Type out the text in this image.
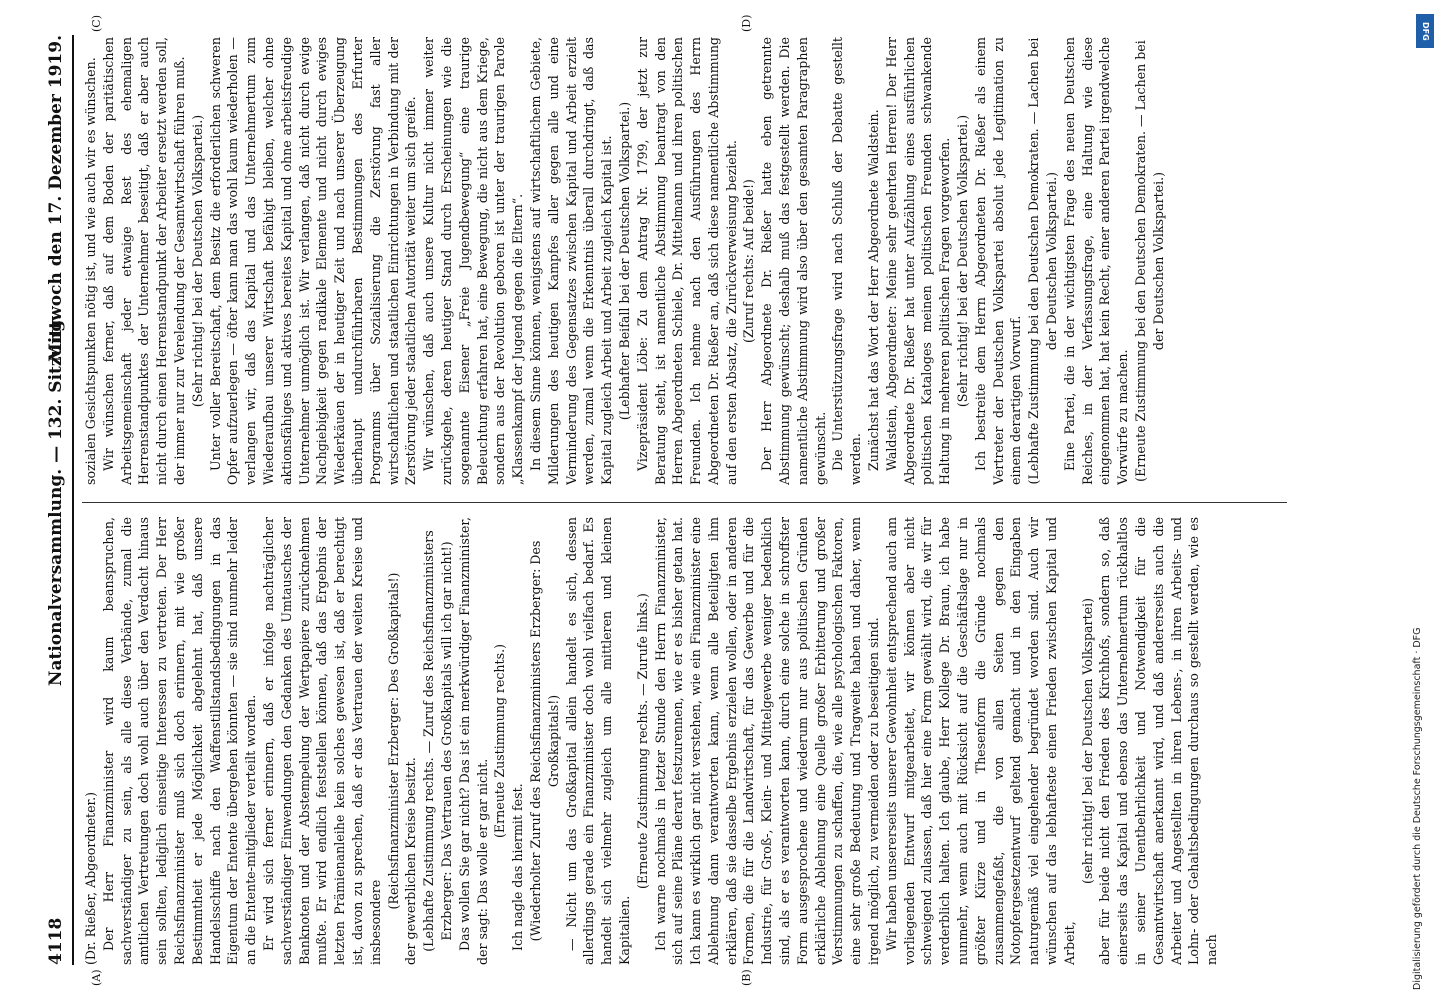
4118
Nationalversammlung. — 132. Sitzung.
Mittwoch den 17. Dezember 1919.
(A)	(B)
(C)	(D)

(Dr. Rießer, Abgeordneter.) Der Herr Finanzminister wird kaum beanspruchen, sachverständiger zu sein, als alle diese Verbände, zumal die amtlichen Vertretungen doch wohl auch über den Verdacht hinaus sein sollten, lediglich einseitige Interessen zu vertreten. Der Herr Reichsfinanzminister muß sich doch erinnern, mit wie großer Bestimmtheit er jede Möglichkeit abgelehnt hat, daß unsere Handelsschiffe nach den Waffenstillstandsbedingungen in das Eigentum der Entente übergehen könnten — sie sind nunmehr leider an die Entente-mitglieder verteilt worden. Er wird sich ferner erinnern, daß er infolge nachträglicher sachverständiger Einwendungen den Gedanken des Umtausches der Banknoten und der Abstempelung der Wertpapiere zurücknehmen mußte. Er wird endlich feststellen können, daß das Ergebnis der letzten Prämienanleihe kein solches gewesen ist, daß er berechtigt ist, davon zu sprechen, daß er das Vertrauen der weiten Kreise und insbesondere

(Reichsfinanzminister Erzberger: Des Großkapitals!) der gewerblichen Kreise besitzt. (Lebhafte Zustimmung rechts. — Zuruf des Reichsfinanzministers Erzberger: Das Vertrauen des Großkapitals will ich gar nicht!) Das wollen Sie gar nicht? Das ist ein merkwürdiger Finanzminister, der sagt: Das wolle er gar nicht.

(Erneute Zustimmung rechts.)

Ich nagle das hiermit fest. (Wiederholter Zuruf des Reichsfinanzministers Erzberger: Des Großkapitals!) — Nicht um das Großkapital allein handelt es sich, dessen allerdings gerade ein Finanzminister doch wohl vielfach bedarf. Es handelt sich vielmehr zugleich um alle mittleren und kleinen Kapitalien.

(Erneute Zustimmung rechts. — Zurufe links.) Ich warne nochmals in letzter Stunde den Herrn Finanzminister, sich auf seine Pläne derart festzurennen, wie er es bisher getan hat. Ich kann es wirklich gar nicht verstehen, wie ein Finanzminister eine Ablehnung dann verantworten kann, wenn alle Beteiligten ihm erklären, daß sie dasselbe Ergebnis erzielen wollen, oder in anderen Formen, die für die Landwirtschaft, für das Gewerbe und für die Industrie, für Groß-, Klein- und Mittelgewerbe weniger bedenklich sind, als er es verantworten kann, durch eine solche in schroffster Form ausgesprochene und wiederum nur aus politischen Gründen erklärliche Ablehnung eine Quelle großer Erbitterung und großer Verstimmungen zu schaffen, die, wie alle psychologischen Faktoren, eine sehr große Bedeutung und Tragweite haben und daher, wenn irgend möglich, zu vermeiden oder zu beseitigen sind. Wir haben unsererseits unserer Gewohnheit entsprechend auch am vorliegenden Entwurf mitgearbeitet, wir können aber nicht schweigend zulassen, daß hier eine Form gewählt wird, die wir für verderblich halten. Ich glaube, Herr Kollege Dr. Braun, ich habe nunmehr, wenn auch mit Rücksicht auf die Geschäftslage nur in größter Kürze und in Thesenform die Gründe nochmals zusammengefaßt, die von allen Seiten gegen den Notopfergesetzentwurf geltend gemacht und in den Eingaben naturgemäß viel eingehender begründet worden sind. Auch wir wünschen auf das lebhafteste einen Frieden zwischen Kapital und Arbeit,

(sehr richtig! bei der Deutschen Volkspartei) aber für beide nicht den Frieden des Kirchhofs, sondern so, daß einerseits das Kapital und ebenso das Unternehmertum rückhaltlos in seiner Unentbehrlichkeit und Notwendigkeit für die Gesamtwirtschaft anerkannt wird, und daß andererseits auch die Arbeiter und Angestellten in ihren Lebens-, in ihren Arbeits- und Lohn- oder Gehaltsbedingungen durchaus so gestellt werden, wie es nach

sozialen Gesichtspunkten nötig ist, und wie auch wir es wünschen. Wir wünschen ferner, daß auf dem Boden der paritätischen Arbeitsgemeinschaft jeder etwaige Rest des ehemaligen Herrenstandpunktes der Unternehmer beseitigt, daß er aber auch nicht durch einen Herrenstandpunkt der Arbeiter ersetzt werden soll, der immer nur zur Verelendung der Gesamtwirtschaft führen muß. (Sehr richtig! bei der Deutschen Volkspartei.) Unter voller Bereitschaft, dem Besitz die erforderlichen schweren Opfer aufzuerlegen — öfter kann man das wohl kaum wiederholen — verlangen wir, daß das Kapital und das Unternehmertum zum Wiederaufbau unserer Wirtschaft befähigt bleiben, welcher ohne aktionsfähiges und aktives bereites Kapital und ohne arbeitsfreudige Unternehmer unmöglich ist. Wir verlangen, daß nicht durch ewige Nachgiebigkeit gegen radikale Elemente und nicht durch ewiges Wiederkäuen der in heutiger Zeit und nach unserer Überzeugung überhaupt undurchführbaren Bestimmungen des Erfurter Programms über Sozialisierung die Zerstörung fast aller wirtschaftlichen und staatlichen Einrichtungen in Verbindung mit der Zerstörung jeder staatlichen Autorität weiter um sich greife. Wir wünschen, daß auch unsere Kultur nicht immer weiter zurückgehe, deren heutiger Stand durch Erscheinungen wie die sogenannte Eisener „Freie Jugendbewegung“ eine traurige Beleuchtung erfahren hat, eine Bewegung, die nicht aus dem Kriege, sondern aus der Revolution geboren ist unter der traurigen Parole „Klassenkampf der Jugend gegen die Eltern“. In diesem Sinne können, wenigstens auf wirtschaftlichem Gebiete, Milderungen des heutigen Kampfes aller gegen alle und eine Verminderung des Gegensatzes zwischen Kapital und Arbeit erzielt werden, zumal wenn die Erkenntnis überall durchdringt, daß das Kapital zugleich Arbeit und Arbeit zugleich Kapital ist. (Lebhafter Beifall bei der Deutschen Volkspartei.) Vizepräsident Löbe: Zu dem Antrag Nr. 1799, der jetzt zur Beratung steht, ist namentliche Abstimmung beantragt von den Herren Abgeordneten Schiele, Dr. Mittelmann und ihren politischen Freunden. Ich nehme nach den Ausführungen des Herrn Abgeordneten Dr. Rießer an, daß sich diese namentliche Abstimmung auf den ersten Absatz, die Zurückverweisung bezieht. (Zuruf rechts: Auf beide!) Der Herr Abgeordnete Dr. Rießer hatte eben getrennte Abstimmung gewünscht; deshalb muß das festgestellt werden. Die namentliche Abstimmung wird also über den gesamten Paragraphen gewünscht. Die Unterstützungsfrage wird nach Schluß der Debatte gestellt werden. Zunächst hat das Wort der Herr Abgeordnete Waldstein. Waldstein, Abgeordneter: Meine sehr geehrten Herren! Der Herr Abgeordnete Dr. Rießer hat unter Aufzählung eines ausführlichen politischen Kataloges meinen politischen Freunden schwankende Haltung in mehreren politischen Fragen vorgeworfen. (Sehr richtig! bei der Deutschen Volkspartei.) Ich bestreite dem Herrn Abgeordneten Dr. Rießer als einem Vertreter der Deutschen Volkspartei absolut jede Legitimation zu einem derartigen Vorwurf. (Lebhafte Zustimmung bei den Deutschen Demokraten. — Lachen bei der Deutschen Volkspartei.) Eine Partei, die in der wichtigsten Frage des neuen Deutschen Reiches, in der Verfassungsfrage, eine Haltung wie diese eingenommen hat, hat kein Recht, einer anderen Partei irgendwelche Vorwürfe zu machen. (Erneute Zustimmung bei den Deutschen Demokraten. — Lachen bei der Deutschen Volkspartei.)

Digitalisierung gefördert durch die Deutsche Forschungsgemeinschaft · DFG
DFG
